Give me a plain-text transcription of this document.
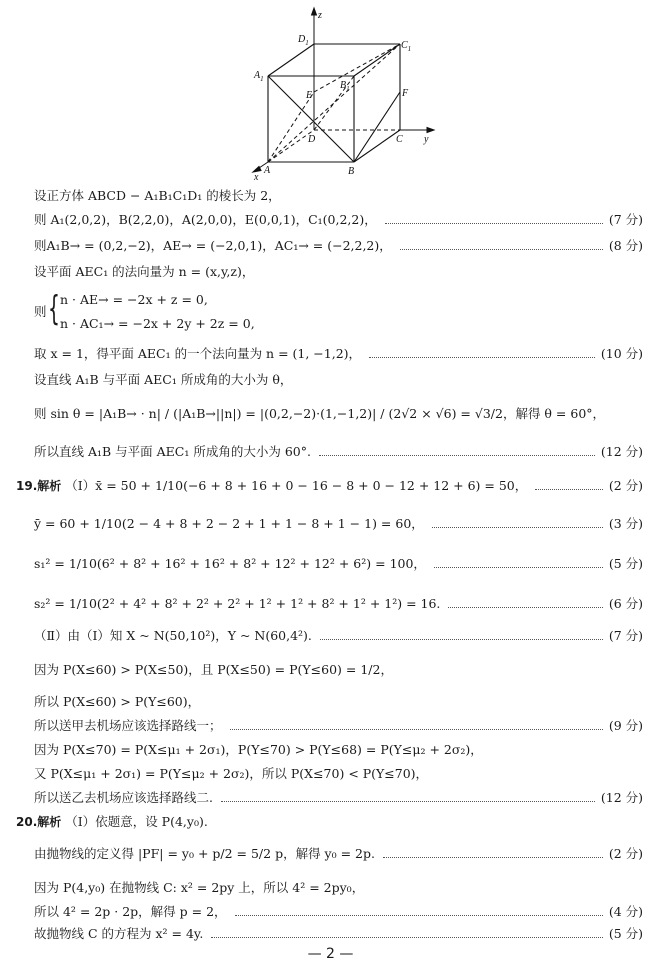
z
y
x
$D_1$	$C_1$
$A_1$
$B_1$
E	F
D	C
A	B
设正方体 ABCD − A₁B₁C₁D₁ 的棱长为 2，
则 A₁(2,0,2)，B(2,2,0)，A(2,0,0)，E(0,0,1)，C₁(0,2,2)，	(7 分)
则A₁B→ = (0,2,−2)，AE→ = (−2,0,1)，AC₁→ = (−2,2,2)，	(8 分)
设平面 AEC₁ 的法向量为 n = (x,y,z)，
则 { n · AE→ = −2x + z = 0,
n · AC₁→ = −2x + 2y + 2z = 0,
取 x = 1，得平面 AEC₁ 的一个法向量为 n = (1, −1,2)，	(10 分)
设直线 A₁B 与平面 AEC₁ 所成角的大小为 θ，
则 sin θ = |A₁B→ · n| / (|A₁B→||n|) = |(0,2,−2)·(1,−1,2)| / (2√2 × √6) = √3/2，解得 θ = 60°，
所以直线 A₁B 与平面 AEC₁ 所成角的大小为 60°.	(12 分)
19.解析 （Ⅰ）x̄ = 50 + 1/10(−6 + 8 + 16 + 0 − 16 − 8 + 0 − 12 + 12 + 6) = 50，	(2 分)
ȳ = 60 + 1/10(2 − 4 + 8 + 2 − 2 + 1 + 1 − 8 + 1 − 1) = 60，	(3 分)
s₁² = 1/10(6² + 8² + 16² + 16² + 8² + 12² + 12² + 6²) = 100，	(5 分)
s₂² = 1/10(2² + 4² + 8² + 2² + 2² + 1² + 1² + 8² + 1² + 1²) = 16.	(6 分)
（Ⅱ）由（Ⅰ）知 X ~ N(50,10²)，Y ~ N(60,4²).	(7 分)
因为 P(X≤60) > P(X≤50)，且 P(X≤50) = P(Y≤60) = 1/2，
所以 P(X≤60) > P(Y≤60)，
所以送甲去机场应该选择路线一；	(9 分)
因为 P(X≤70) = P(X≤μ₁ + 2σ₁)，P(Y≤70) > P(Y≤68) = P(Y≤μ₂ + 2σ₂)，
又 P(X≤μ₁ + 2σ₁) = P(Y≤μ₂ + 2σ₂)，所以 P(X≤70) < P(Y≤70)，
所以送乙去机场应该选择路线二.	(12 分)
20.解析 （Ⅰ）依题意，设 P(4,y₀).
由抛物线的定义得 |PF| = y₀ + p/2 = 5/2 p，解得 y₀ = 2p.	(2 分)
因为 P(4,y₀) 在抛物线 C: x² = 2py 上，所以 4² = 2py₀，
所以 4² = 2p · 2p，解得 p = 2，	(4 分)
故抛物线 C 的方程为 x² = 4y.	(5 分)
— 2 —
